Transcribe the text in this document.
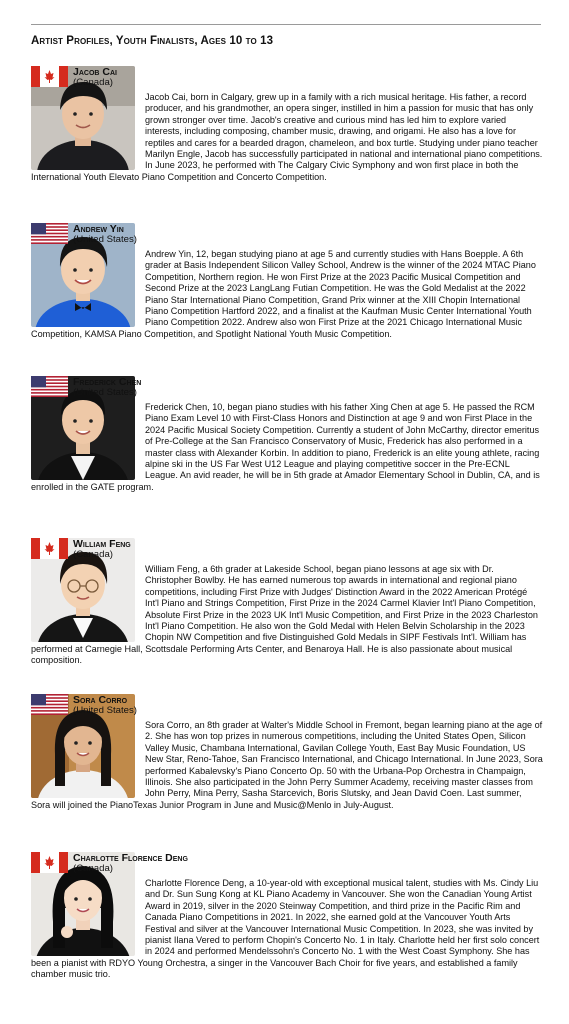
Artist Profiles, Youth Finalists, Ages 10 to 13
Jacob Cai
(Canada)
Jacob Cai, born in Calgary, grew up in a family with a rich musical heritage. His father, a record producer, and his grandmother, an opera singer, instilled in him a passion for music that has only grown stronger over time. Jacob's creative and curious mind has led him to explore varied interests, including composing, chamber music, drawing, and origami. He also has a love for reptiles and cares for a bearded dragon, chameleon, and box turtle. Studying under piano teacher Marilyn Engle, Jacob has successfully participated in national and international piano competitions. In June 2023, he performed with The Calgary Civic Symphony and won first place in both the International Youth Elevato Piano Competition and Concerto Competition.
Andrew Yin
(United States)
Andrew Yin, 12, began studying piano at age 5 and currently studies with Hans Boepple. A 6th grader at Basis Independent Silicon Valley School, Andrew is the winner of the 2024 MTAC Piano Competition, Northern region. He won First Prize at the 2023 Pacific Musical Competition and Second Prize at the 2023 LangLang Futian Competition. He was the Gold Medalist at the 2022 Piano Star International Piano Competition, Grand Prix winner at the XIII Chopin International Piano Competition Hartford 2022, and a finalist at the Kaufman Music Center International Youth Piano Competition 2022. Andrew also won First Prize at the 2021 Chicago International Music Competition, KAMSA Piano Competition, and Spotlight National Youth Music Competition.
Frederick Chen
(United States)
Frederick Chen, 10, began piano studies with his father Xing Chen at age 5. He passed the RCM Piano Exam Level 10 with First-Class Honors and Distinction at age 9 and won First Place in the 2024 Pacific Musical Society Competition. Currently a student of John McCarthy, director emeritus of Pre-College at the San Francisco Conservatory of Music, Frederick has also performed in a master class with Alexander Korbin. In addition to piano, Frederick is an elite young athlete, racing alpine ski in the US Far West U12 League and playing competitive soccer in the Pre-ECNL League. An avid reader, he will be in 5th grade at Amador Elementary School in Dublin, CA, and is enrolled in the GATE program.
William Feng
(Canada)
William Feng, a 6th grader at Lakeside School, began piano lessons at age six with Dr. Christopher Bowlby. He has earned numerous top awards in international and regional piano competitions, including First Prize with Judges' Distinction Award in the 2022 American Protégé Int'l Piano and Strings Competition, First Prize in the 2024 Carmel Klavier Int'l Piano Competition, Absolute First Prize in the 2023 UK Int'l Music Competition, and First Prize in the 2023 Charleston Int'l Piano Competition. He also won the Gold Medal with Helen Belvin Scholarship in the 2023 Chopin NW Competition and five Distinguished Gold Medals in SIPF Festivals Int'l. William has performed at Carnegie Hall, Scottsdale Performing Arts Center, and Benaroya Hall. He is also passionate about musical composition.
Sora Corro
(United States)
Sora Corro, an 8th grader at Walter's Middle School in Fremont, began learning piano at the age of 2. She has won top prizes in numerous competitions, including the United States Open, Silicon Valley Music, Chambana International, Gavilan College Youth, East Bay Music Foundation, US New Star, Reno-Tahoe, San Francisco International, and Chicago International. In June 2023, Sora performed Kabalevsky's Piano Concerto Op. 50 with the Urbana-Pop Orchestra in Champaign, Illinois. She also participated in the John Perry Summer Academy, receiving master classes from John Perry, Mina Perry, Sasha Starcevich, Boris Slutsky, and Jean David Coen. Last summer, Sora will joined the PianoTexas Junior Program in June and Music@Menlo in July-August.
Charlotte Florence Deng
(Canada)
Charlotte Florence Deng, a 10-year-old with exceptional musical talent, studies with Ms. Cindy Liu and Dr. Sun Sung Kong at KL Piano Academy in Vancouver. She won the Canadian Young Artist Award in 2019, silver in the 2020 Steinway Competition, and third prize in the Pacific Rim and Canada Piano Competitions in 2021. In 2022, she earned gold at the Vancouver Youth Arts Festival and silver at the Vancouver International Music Competition. In 2023, she was invited by pianist Ilana Vered to perform Chopin's Concerto No. 1 in Italy. Charlotte held her first solo concert in 2024 and performed Mendelssohn's Concerto No. 1 with the West Coast Symphony. She has been a pianist with RDYO Young Orchestra, a singer in the Vancouver Bach Choir for five years, and established a family chamber music trio.
